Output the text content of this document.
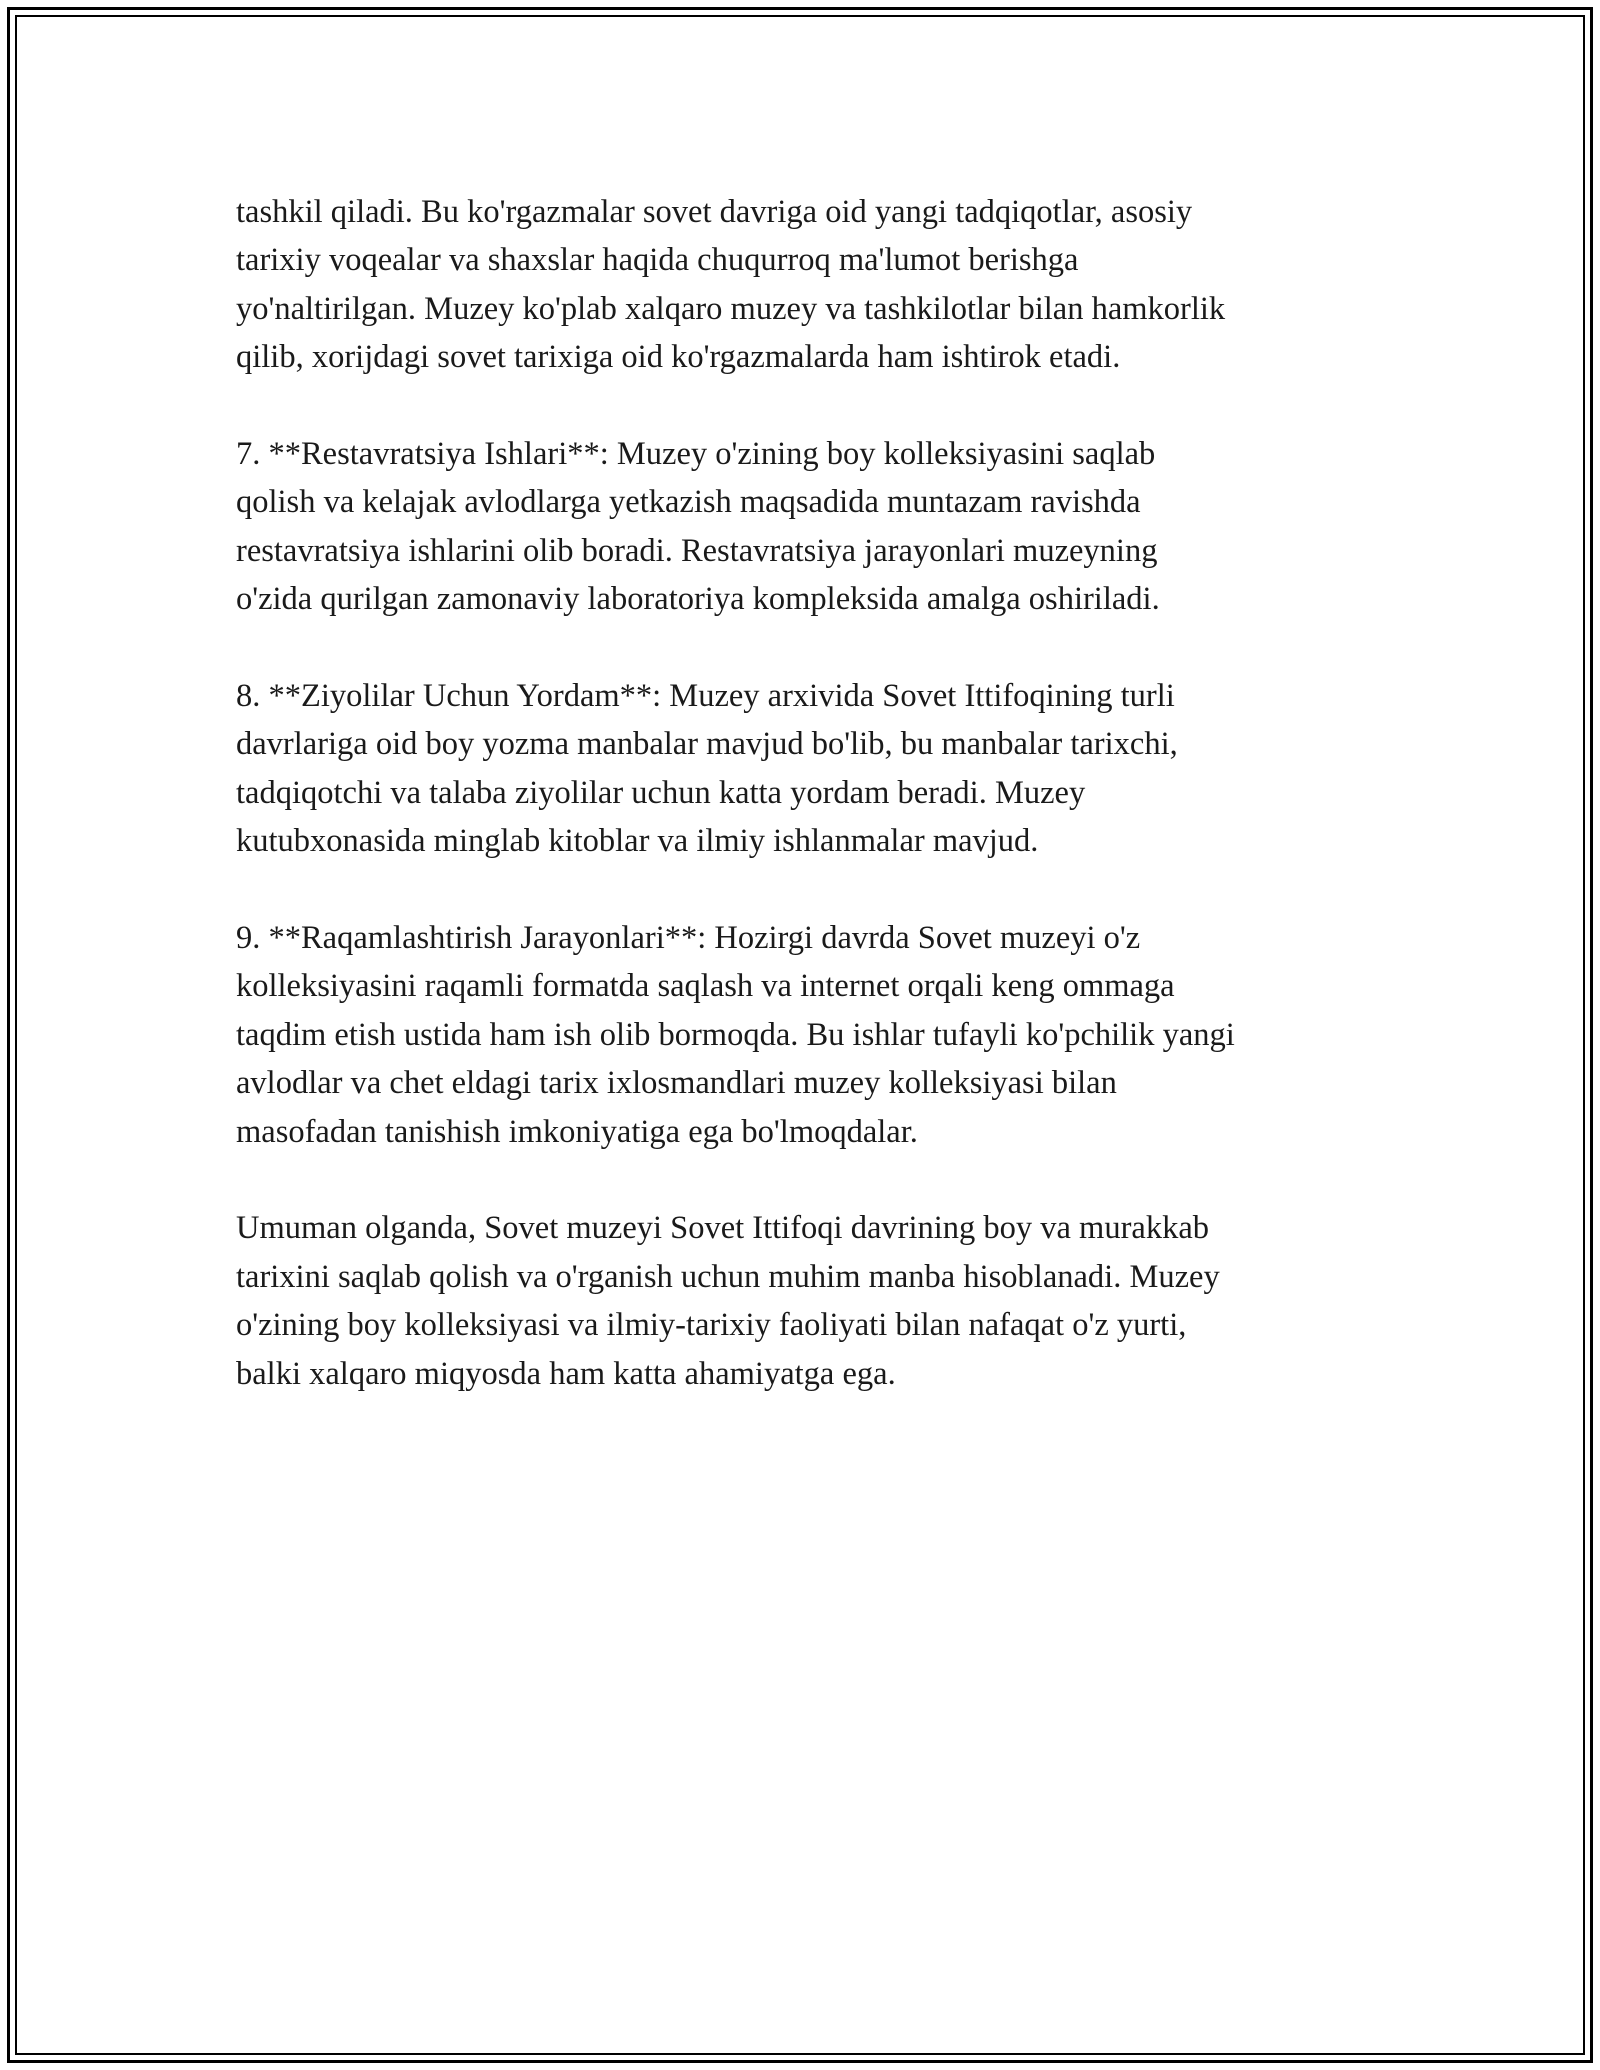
tashkil qiladi. Bu ko'rgazmalar sovet davriga oid yangi tadqiqotlar, asosiy
tarixiy voqealar va shaxslar haqida chuqurroq ma'lumot berishga
yo'naltirilgan. Muzey ko'plab xalqaro muzey va tashkilotlar bilan hamkorlik
qilib, xorijdagi sovet tarixiga oid ko'rgazmalarda ham ishtirok etadi.

7. **Restavratsiya Ishlari**: Muzey o'zining boy kolleksiyasini saqlab
qolish va kelajak avlodlarga yetkazish maqsadida muntazam ravishda
restavratsiya ishlarini olib boradi. Restavratsiya jarayonlari muzeyning
o'zida qurilgan zamonaviy laboratoriya kompleksida amalga oshiriladi.

8. **Ziyolilar Uchun Yordam**: Muzey arxivida Sovet Ittifoqining turli
davrlariga oid boy yozma manbalar mavjud bo'lib, bu manbalar tarixchi,
tadqiqotchi va talaba ziyolilar uchun katta yordam beradi. Muzey
kutubxonasida minglab kitoblar va ilmiy ishlanmalar mavjud.

9. **Raqamlashtirish Jarayonlari**: Hozirgi davrda Sovet muzeyi o'z
kolleksiyasini raqamli formatda saqlash va internet orqali keng ommaga
taqdim etish ustida ham ish olib bormoqda. Bu ishlar tufayli ko'pchilik yangi
avlodlar va chet eldagi tarix ixlosmandlari muzey kolleksiyasi bilan
masofadan tanishish imkoniyatiga ega bo'lmoqdalar.

Umuman olganda, Sovet muzeyi Sovet Ittifoqi davrining boy va murakkab
tarixini saqlab qolish va o'rganish uchun muhim manba hisoblanadi. Muzey
o'zining boy kolleksiyasi va ilmiy-tarixiy faoliyati bilan nafaqat o'z yurti,
balki xalqaro miqyosda ham katta ahamiyatga ega.
